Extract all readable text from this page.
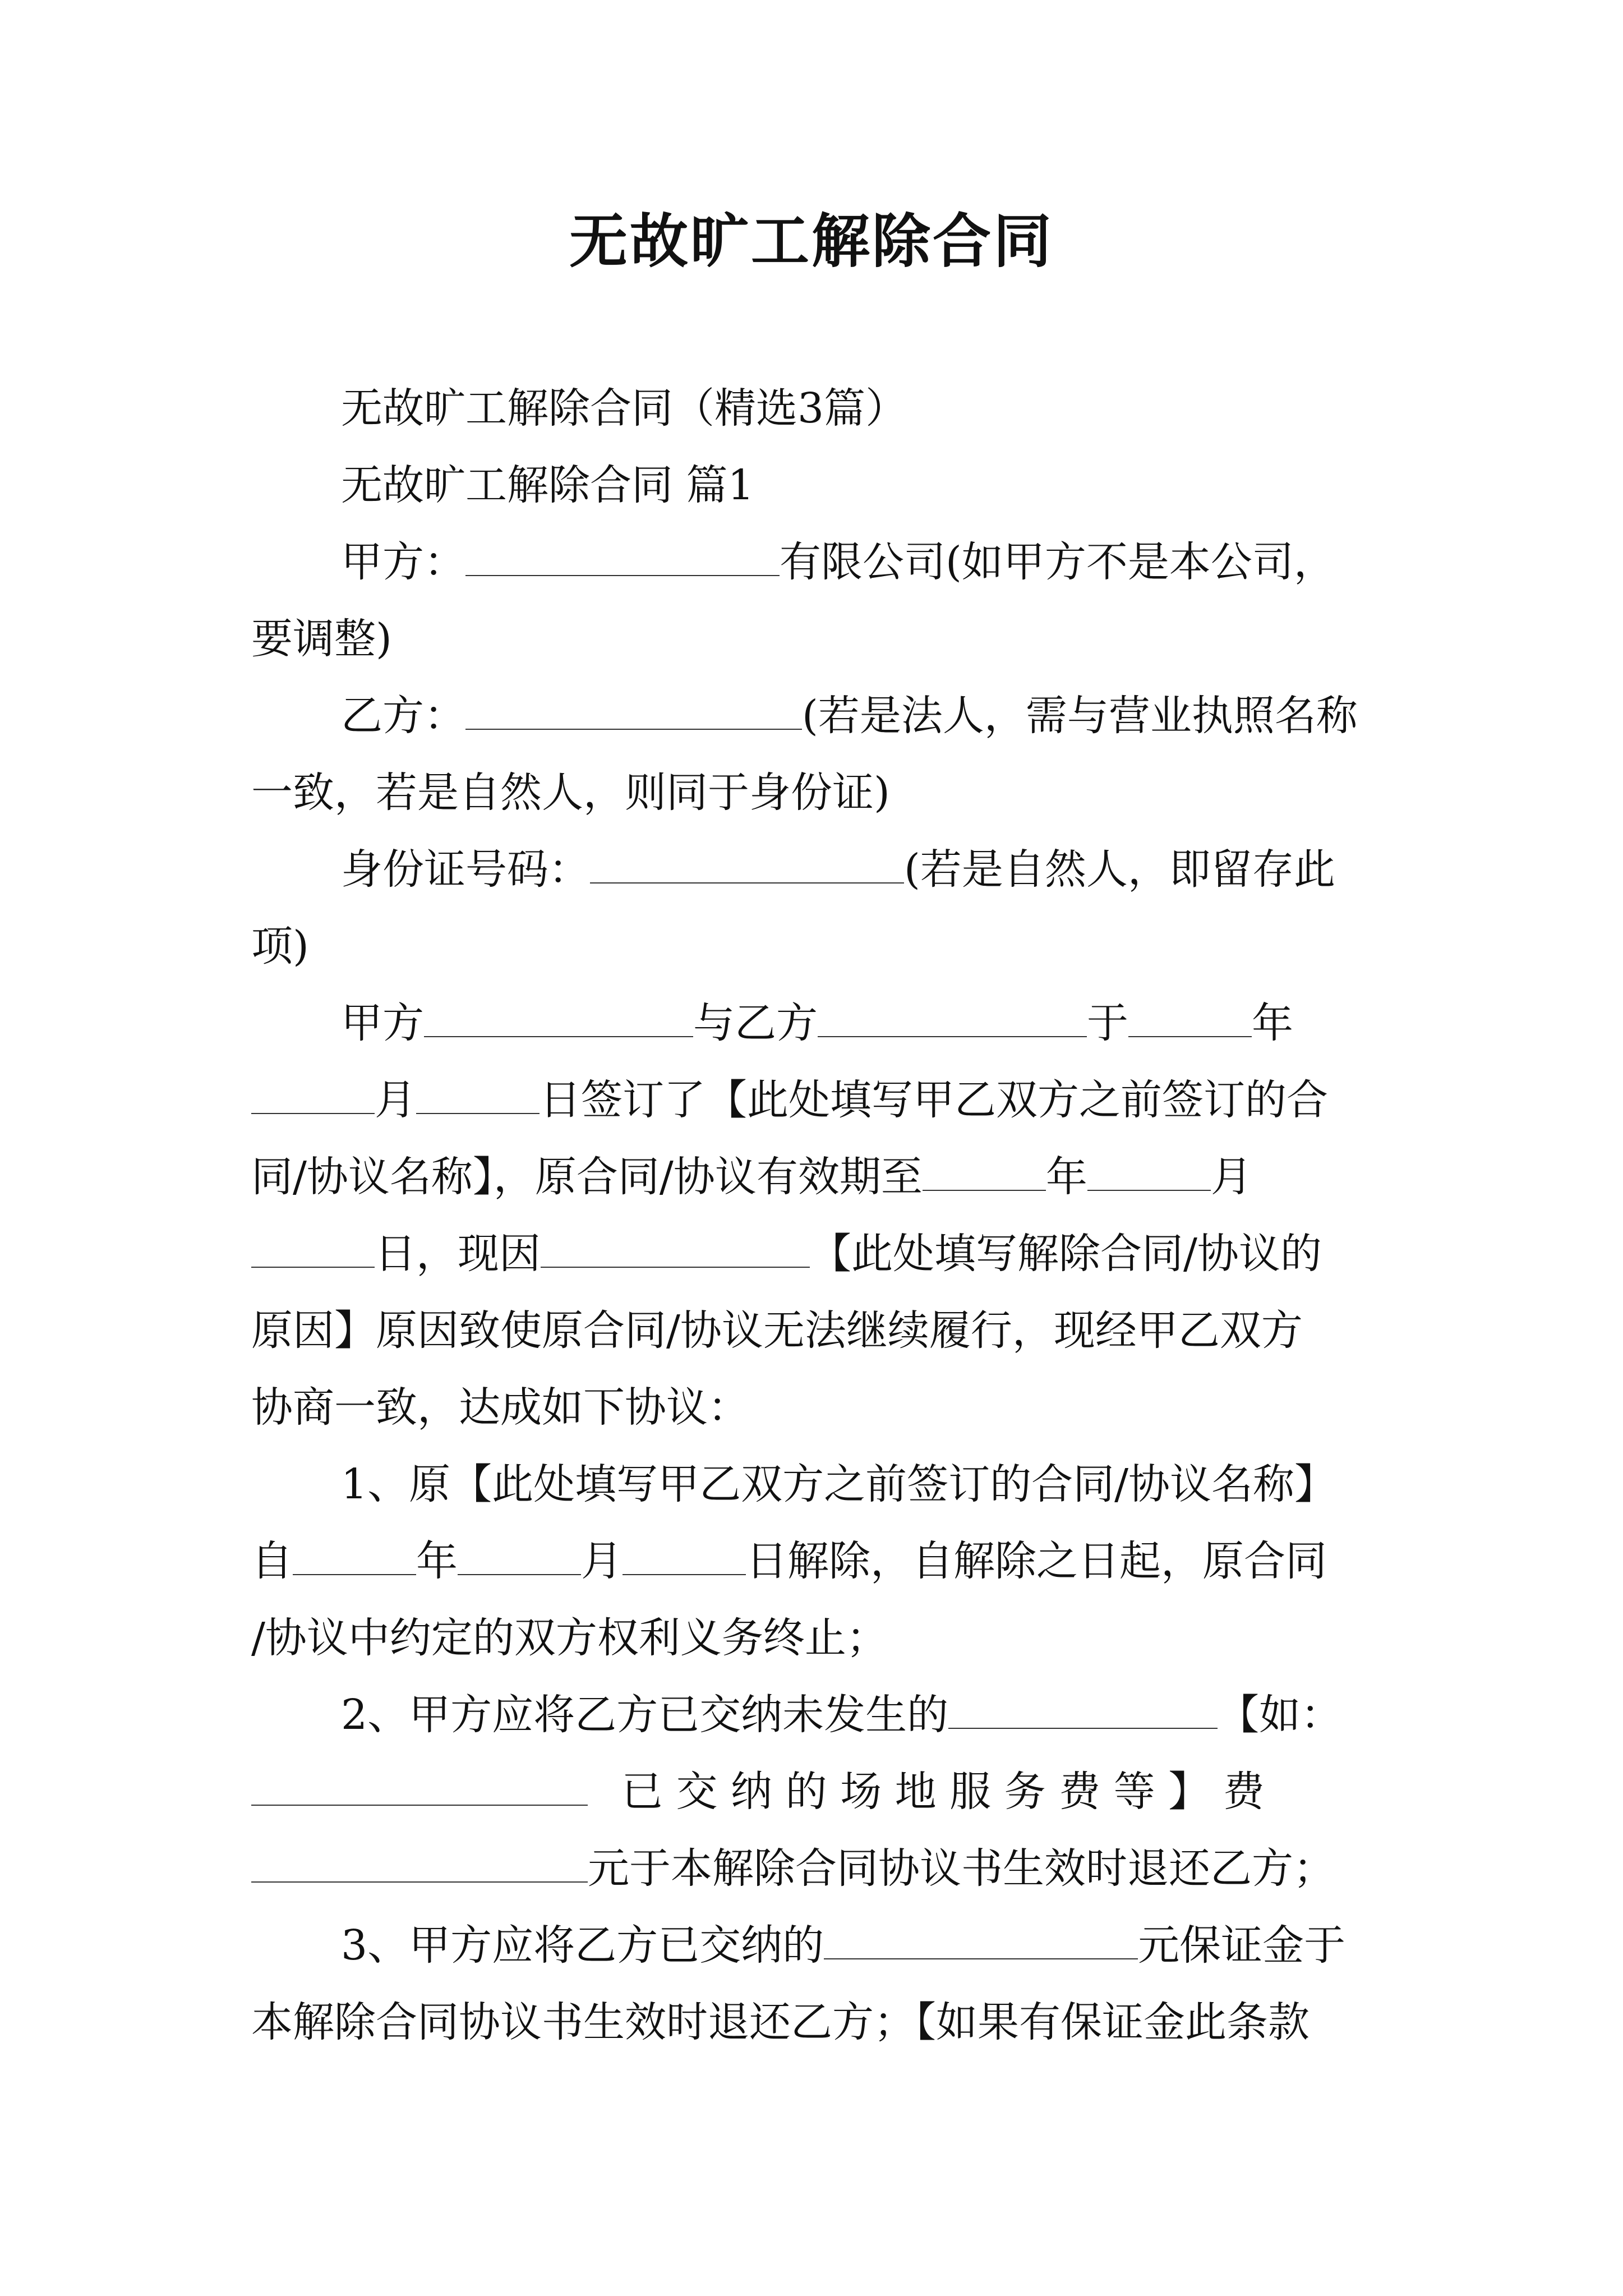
无故旷工解除合同
无故旷工解除合同（精选3篇）
无故旷工解除合同 篇1
甲方：	有限公司(如甲方不是本公司，
要调整)
乙方：	(若是法人，需与营业执照名称
一致，若是自然人，则同于身份证)
身份证号码：	(若是自然人，即留存此
项)
甲方	与乙方	于	年
月	日签订了【此处填写甲乙双方之前签订的合
同/协议名称】，原合同/协议有效期至	年	月
日，现因	【此处填写解除合同/协议的
原因】原因致使原合同/协议无法继续履行，现经甲乙双方
协商一致，达成如下协议：
1、原【此处填写甲乙双方之前签订的合同/协议名称】
自	年	月	日解除，自解除之日起，原合同
/协议中约定的双方权利义务终止；
2、甲方应将乙方已交纳未发生的	【如：
已 交 纳 的 场 地 服 务 费 等 】 费
元于本解除合同协议书生效时退还乙方；
3、甲方应将乙方已交纳的	元保证金于
本解除合同协议书生效时退还乙方；【如果有保证金此条款
